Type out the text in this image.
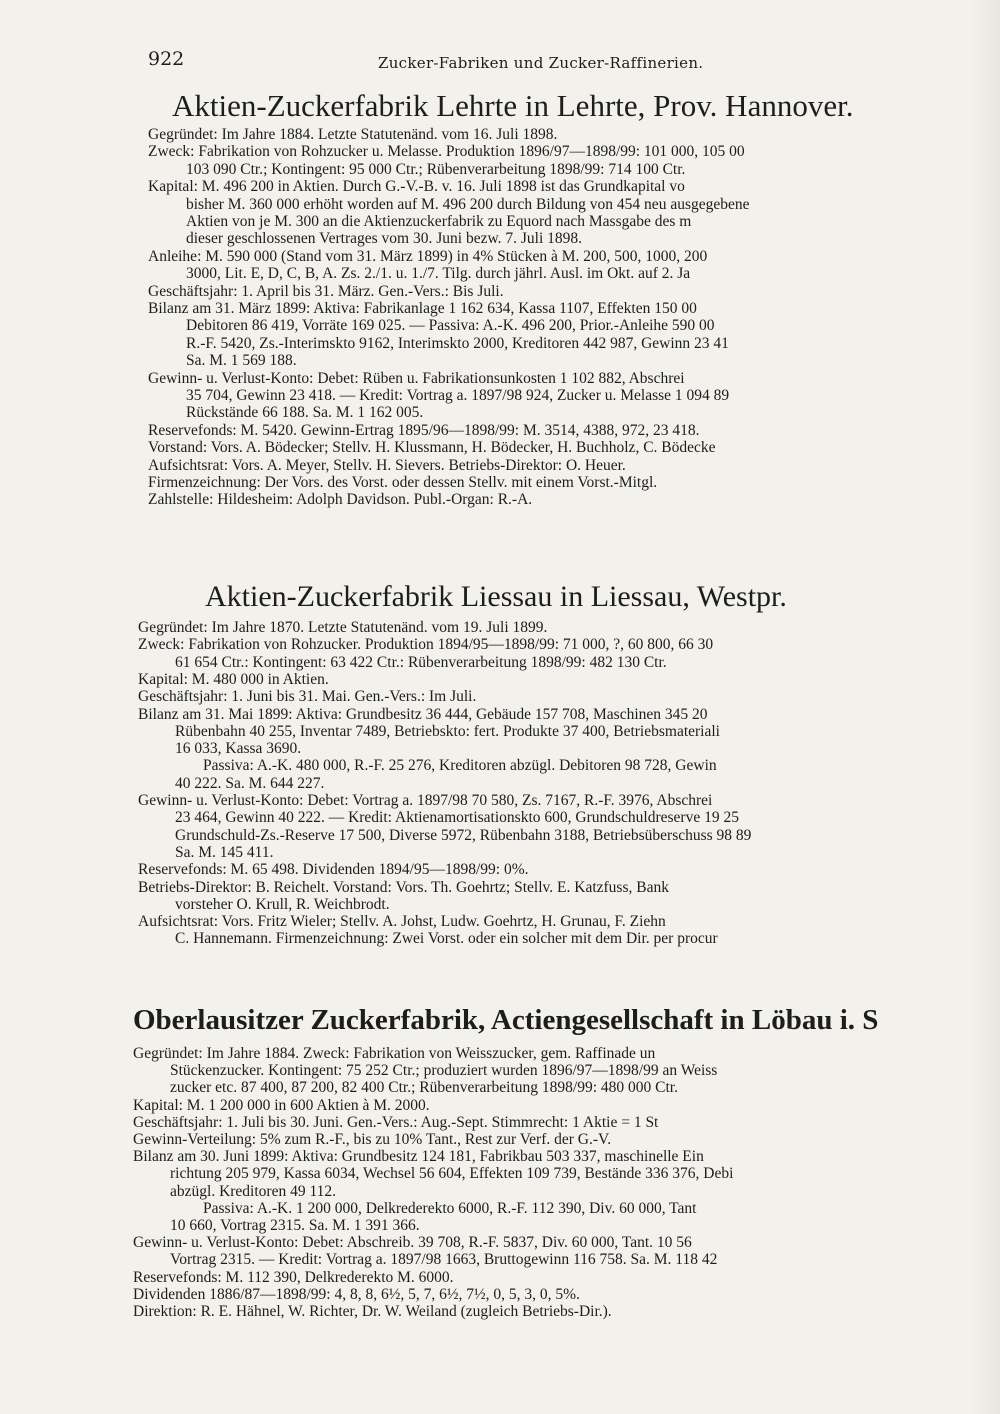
922	Zucker-Fabriken und Zucker-Raffinerien.
Aktien-Zuckerfabrik Lehrte in Lehrte, Prov. Hannover.
Gegründet: Im Jahre 1884. Letzte Statutenänd. vom 16. Juli 1898.
Zweck: Fabrikation von Rohzucker u. Melasse. Produktion 1896/97—1898/99: 101 000, 105 00
103 090 Ctr.; Kontingent: 95 000 Ctr.; Rübenverarbeitung 1898/99: 714 100 Ctr.
Kapital: M. 496 200 in Aktien. Durch G.-V.-B. v. 16. Juli 1898 ist das Grundkapital vo
bisher M. 360 000 erhöht worden auf M. 496 200 durch Bildung von 454 neu ausgegebene
Aktien von je M. 300 an die Aktienzuckerfabrik zu Equord nach Massgabe des m
dieser geschlossenen Vertrages vom 30. Juni bezw. 7. Juli 1898.
Anleihe: M. 590 000 (Stand vom 31. März 1899) in 4% Stücken à M. 200, 500, 1000, 200
3000, Lit. E, D, C, B, A. Zs. 2./1. u. 1./7. Tilg. durch jährl. Ausl. im Okt. auf 2. Ja
Geschäftsjahr: 1. April bis 31. März. Gen.-Vers.: Bis Juli.
Bilanz am 31. März 1899: Aktiva: Fabrikanlage 1 162 634, Kassa 1107, Effekten 150 00
Debitoren 86 419, Vorräte 169 025. — Passiva: A.-K. 496 200, Prior.-Anleihe 590 00
R.-F. 5420, Zs.-Interimskto 9162, Interimskto 2000, Kreditoren 442 987, Gewinn 23 41
Sa. M. 1 569 188.
Gewinn- u. Verlust-Konto: Debet: Rüben u. Fabrikationsunkosten 1 102 882, Abschrei
35 704, Gewinn 23 418. — Kredit: Vortrag a. 1897/98 924, Zucker u. Melasse 1 094 89
Rückstände 66 188. Sa. M. 1 162 005.
Reservefonds: M. 5420. Gewinn-Ertrag 1895/96—1898/99: M. 3514, 4388, 972, 23 418.
Vorstand: Vors. A. Bödecker; Stellv. H. Klussmann, H. Bödecker, H. Buchholz, C. Bödecke
Aufsichtsrat: Vors. A. Meyer, Stellv. H. Sievers. Betriebs-Direktor: O. Heuer.
Firmenzeichnung: Der Vors. des Vorst. oder dessen Stellv. mit einem Vorst.-Mitgl.
Zahlstelle: Hildesheim: Adolph Davidson. Publ.-Organ: R.-A.
Aktien-Zuckerfabrik Liessau in Liessau, Westpr.
Gegründet: Im Jahre 1870. Letzte Statutenänd. vom 19. Juli 1899.
Zweck: Fabrikation von Rohzucker. Produktion 1894/95—1898/99: 71 000, ?, 60 800, 66 30
61 654 Ctr.: Kontingent: 63 422 Ctr.: Rübenverarbeitung 1898/99: 482 130 Ctr.
Kapital: M. 480 000 in Aktien.
Geschäftsjahr: 1. Juni bis 31. Mai. Gen.-Vers.: Im Juli.
Bilanz am 31. Mai 1899: Aktiva: Grundbesitz 36 444, Gebäude 157 708, Maschinen 345 20
Rübenbahn 40 255, Inventar 7489, Betriebskto: fert. Produkte 37 400, Betriebsmateriali
16 033, Kassa 3690.
Passiva: A.-K. 480 000, R.-F. 25 276, Kreditoren abzügl. Debitoren 98 728, Gewin
40 222. Sa. M. 644 227.
Gewinn- u. Verlust-Konto: Debet: Vortrag a. 1897/98 70 580, Zs. 7167, R.-F. 3976, Abschrei
23 464, Gewinn 40 222. — Kredit: Aktienamortisationskto 600, Grundschuldreserve 19 25
Grundschuld-Zs.-Reserve 17 500, Diverse 5972, Rübenbahn 3188, Betriebsüberschuss 98 89
Sa. M. 145 411.
Reservefonds: M. 65 498. Dividenden 1894/95—1898/99: 0%.
Betriebs-Direktor: B. Reichelt. Vorstand: Vors. Th. Goehrtz; Stellv. E. Katzfuss, Bank
vorsteher O. Krull, R. Weichbrodt.
Aufsichtsrat: Vors. Fritz Wieler; Stellv. A. Johst, Ludw. Goehrtz, H. Grunau, F. Ziehn
C. Hannemann. Firmenzeichnung: Zwei Vorst. oder ein solcher mit dem Dir. per procur
Oberlausitzer Zuckerfabrik, Actiengesellschaft in Löbau i. S
Gegründet: Im Jahre 1884. Zweck: Fabrikation von Weisszucker, gem. Raffinade un
Stückenzucker. Kontingent: 75 252 Ctr.; produziert wurden 1896/97—1898/99 an Weiss
zucker etc. 87 400, 87 200, 82 400 Ctr.; Rübenverarbeitung 1898/99: 480 000 Ctr.
Kapital: M. 1 200 000 in 600 Aktien à M. 2000.
Geschäftsjahr: 1. Juli bis 30. Juni. Gen.-Vers.: Aug.-Sept. Stimmrecht: 1 Aktie = 1 St
Gewinn-Verteilung: 5% zum R.-F., bis zu 10% Tant., Rest zur Verf. der G.-V.
Bilanz am 30. Juni 1899: Aktiva: Grundbesitz 124 181, Fabrikbau 503 337, maschinelle Ein
richtung 205 979, Kassa 6034, Wechsel 56 604, Effekten 109 739, Bestände 336 376, Debi
abzügl. Kreditoren 49 112.
Passiva: A.-K. 1 200 000, Delkrederekto 6000, R.-F. 112 390, Div. 60 000, Tant
10 660, Vortrag 2315. Sa. M. 1 391 366.
Gewinn- u. Verlust-Konto: Debet: Abschreib. 39 708, R.-F. 5837, Div. 60 000, Tant. 10 56
Vortrag 2315. — Kredit: Vortrag a. 1897/98 1663, Bruttogewinn 116 758. Sa. M. 118 42
Reservefonds: M. 112 390, Delkrederekto M. 6000.
Dividenden 1886/87—1898/99: 4, 8, 8, 6½, 5, 7, 6½, 7½, 0, 5, 3, 0, 5%.
Direktion: R. E. Hähnel, W. Richter, Dr. W. Weiland (zugleich Betriebs-Dir.).
